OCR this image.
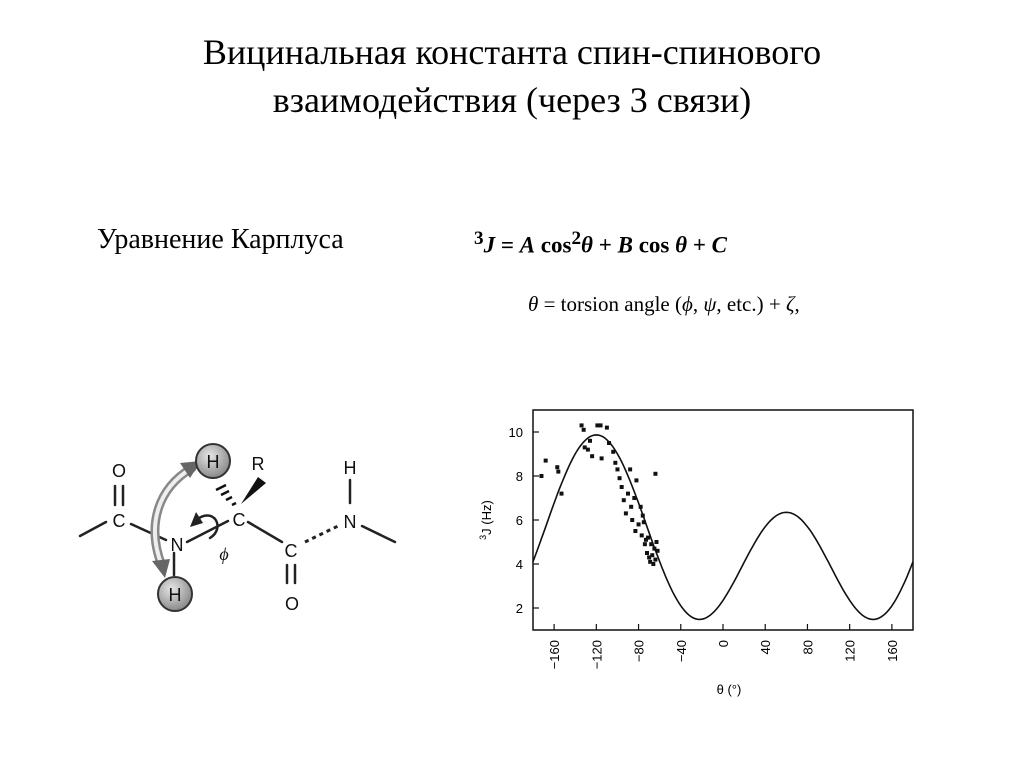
Вицинальная константа спин-спинового
взаимодействия (через 3 связи)
Уравнение Карплуса	$^3$J = A $\cos^2\theta + B$ cos θ + C
θ = torsion angle (ϕ, ψ, etc.) + ζ,
O
C
N
H
H
R
C
C
O
N
H
ϕ
−160 −120 −80 −40 0 40 80 120 160
2
4
6
8
10
θ (°)
$^3$J (Hz)
